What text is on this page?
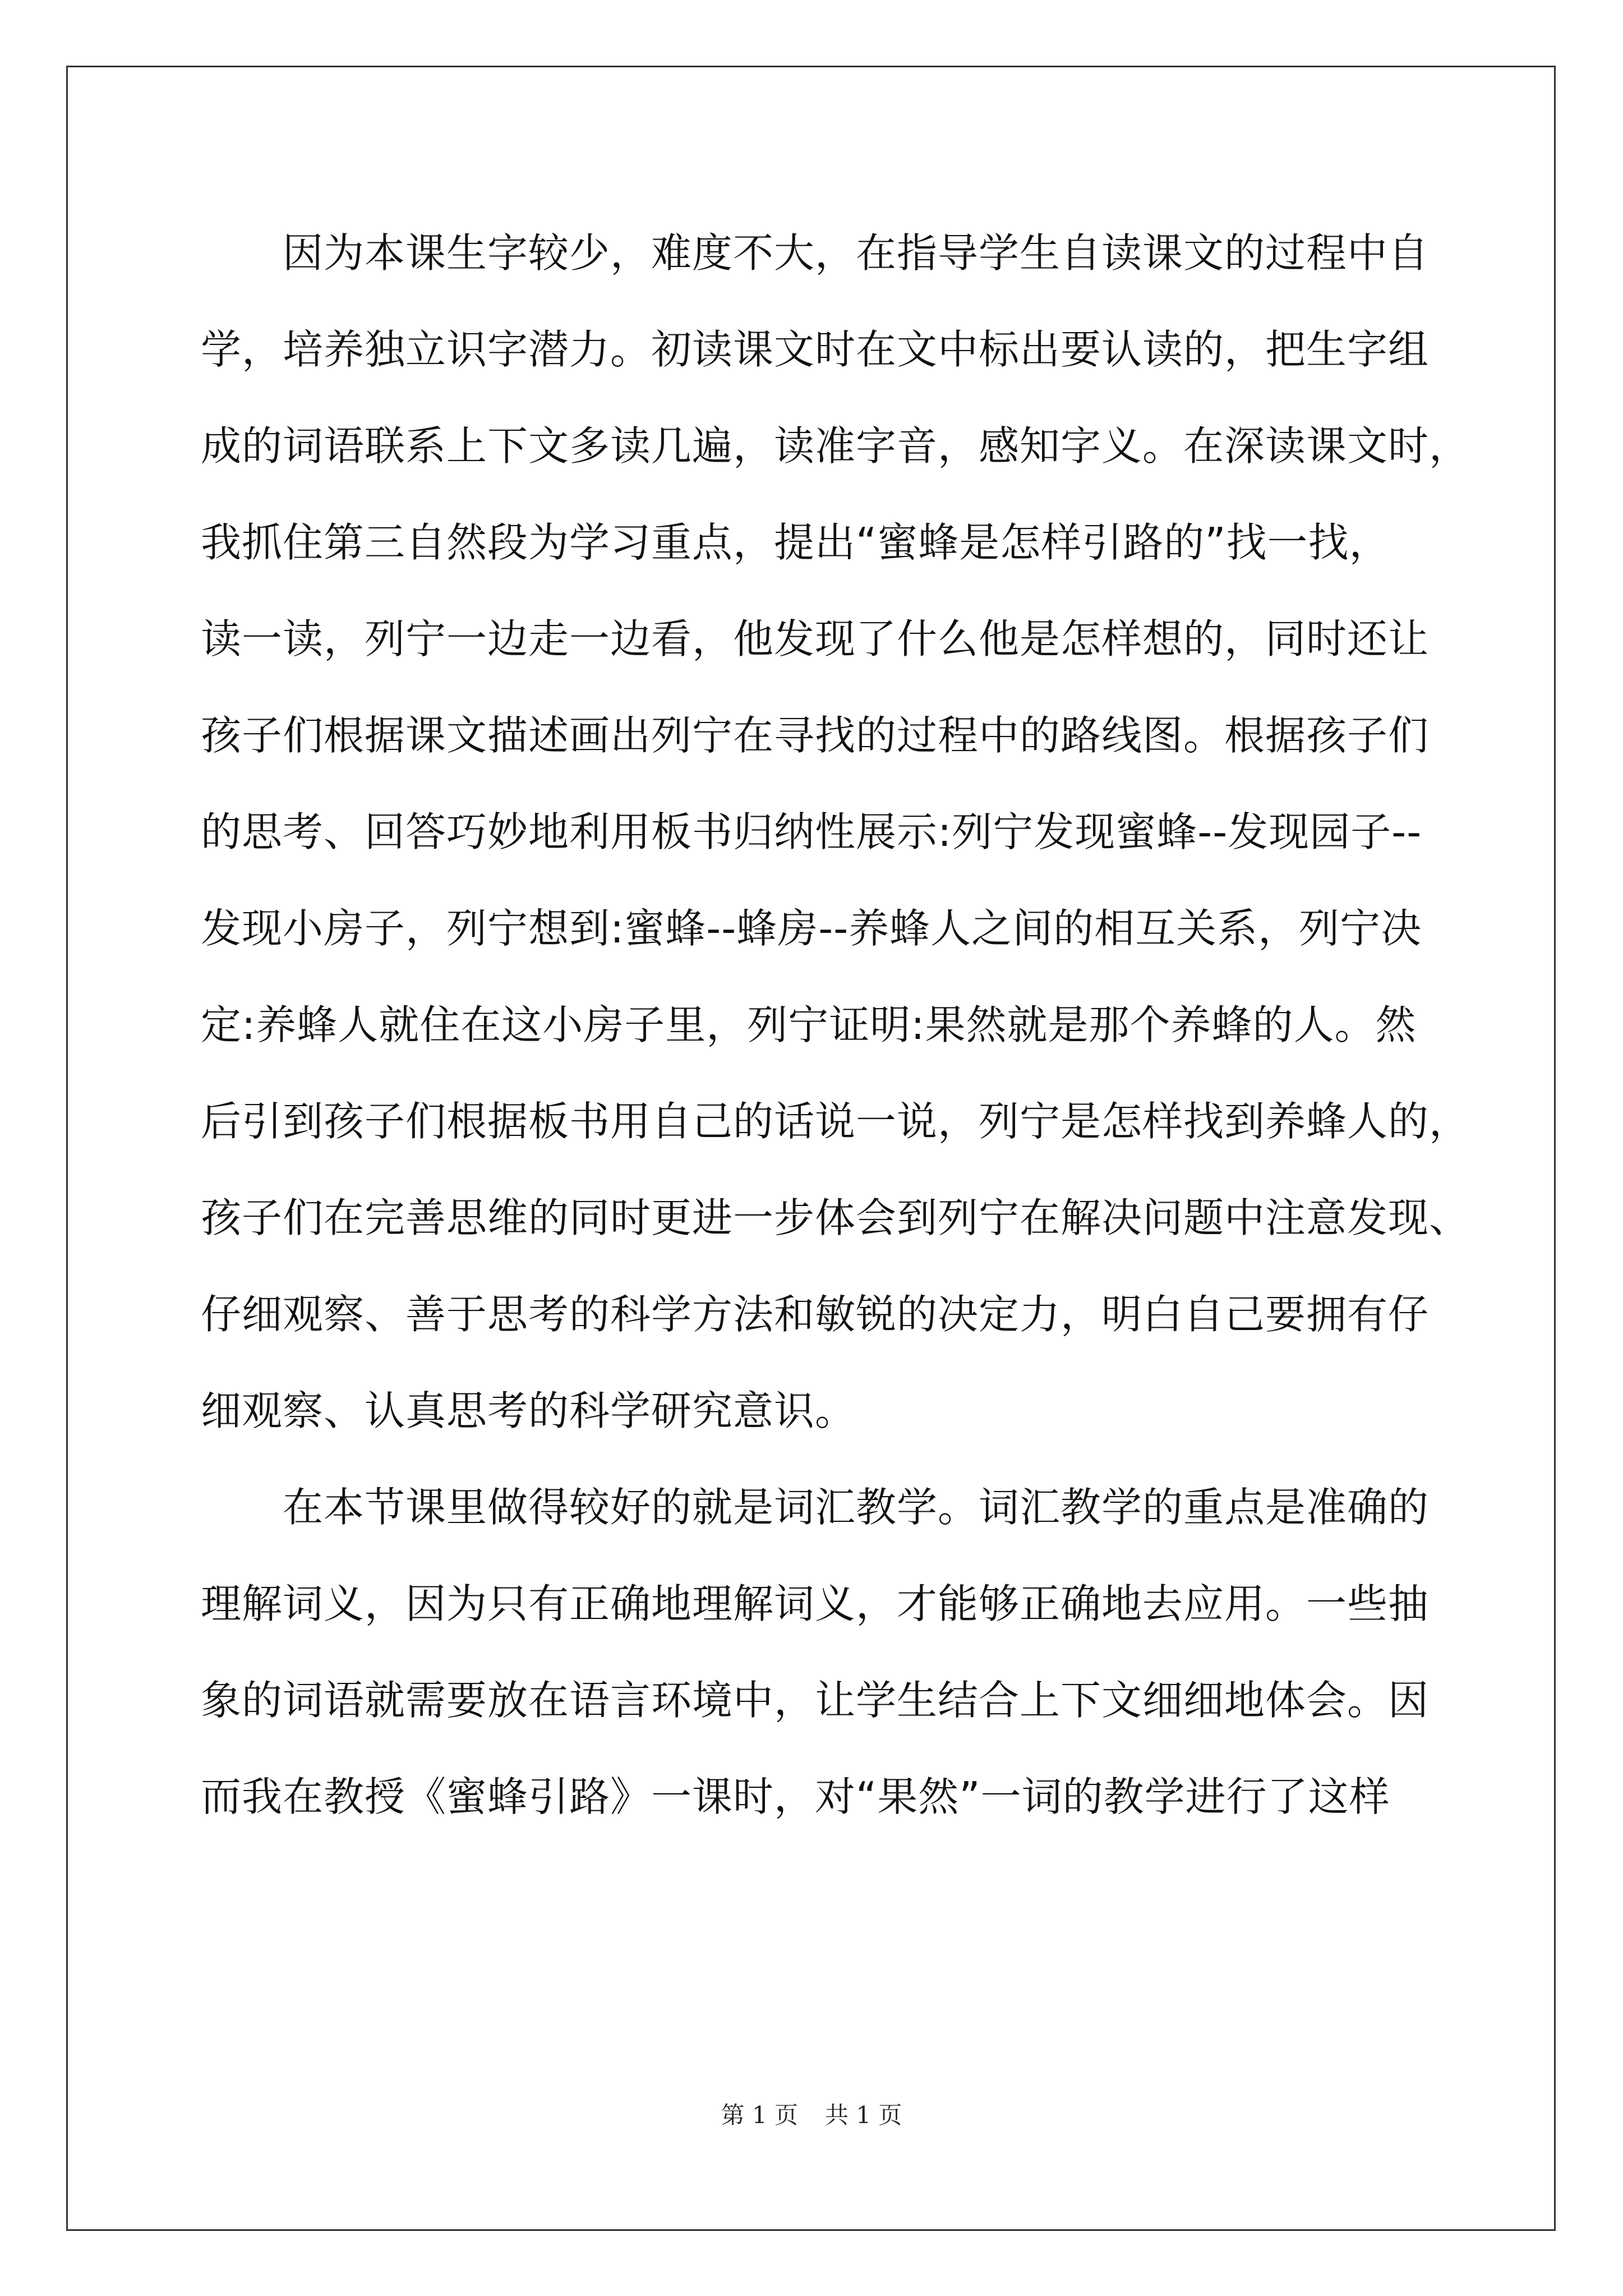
　　因为本课生字较少，难度不大，在指导学生自读课文的过程中自
学，培养独立识字潜力。初读课文时在文中标出要认读的，把生字组
成的词语联系上下文多读几遍，读准字音，感知字义。在深读课文时，
我抓住第三自然段为学习重点，提出“蜜蜂是怎样引路的”找一找，
读一读，列宁一边走一边看，他发现了什么他是怎样想的，同时还让
孩子们根据课文描述画出列宁在寻找的过程中的路线图。根据孩子们
的思考、回答巧妙地利用板书归纳性展示:列宁发现蜜蜂--发现园子--
发现小房子，列宁想到:蜜蜂--蜂房--养蜂人之间的相互关系，列宁决
定:养蜂人就住在这小房子里，列宁证明:果然就是那个养蜂的人。然
后引到孩子们根据板书用自己的话说一说，列宁是怎样找到养蜂人的，
孩子们在完善思维的同时更进一步体会到列宁在解决问题中注意发现、
仔细观察、善于思考的科学方法和敏锐的决定力，明白自己要拥有仔
细观察、认真思考的科学研究意识。
　　在本节课里做得较好的就是词汇教学。词汇教学的重点是准确的
理解词义，因为只有正确地理解词义，才能够正确地去应用。一些抽
象的词语就需要放在语言环境中，让学生结合上下文细细地体会。因
而我在教授《蜜蜂引路》一课时，对“果然”一词的教学进行了这样
第 1 页 共 1 页
